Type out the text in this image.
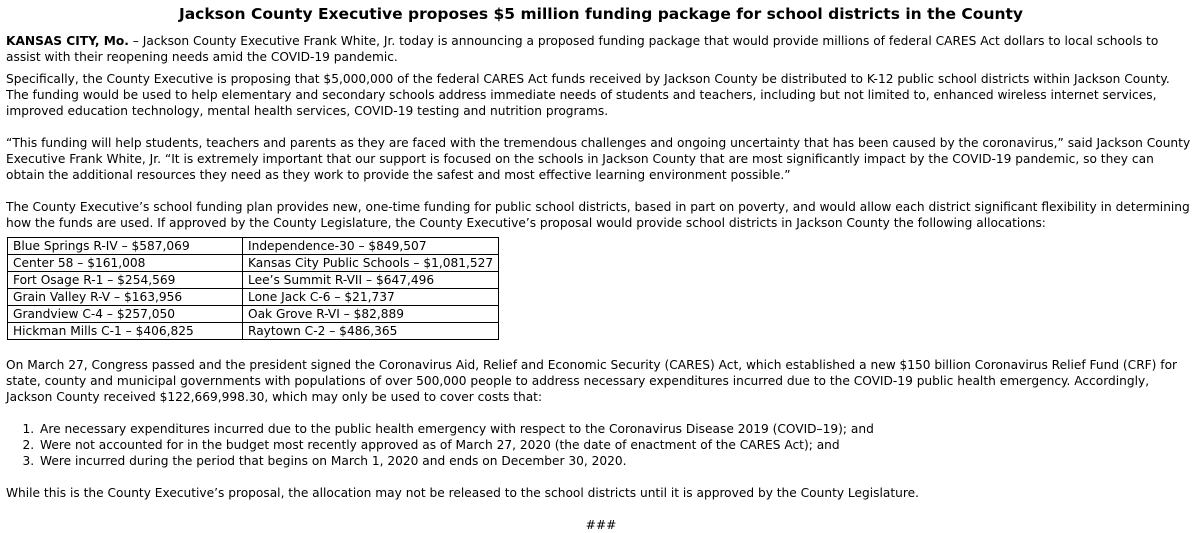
Jackson County Executive proposes $5 million funding package for school districts in the County

KANSAS CITY, Mo. – Jackson County Executive Frank White, Jr. today is announcing a proposed funding package that would provide millions of federal CARES Act dollars to local schools to assist with their reopening needs amid the COVID-19 pandemic.

Specifically, the County Executive is proposing that $5,000,000 of the federal CARES Act funds received by Jackson County be distributed to K-12 public school districts within Jackson County. The funding would be used to help elementary and secondary schools address immediate needs of students and teachers, including but not limited to, enhanced wireless internet services, improved education technology, mental health services, COVID-19 testing and nutrition programs.

“This funding will help students, teachers and parents as they are faced with the tremendous challenges and ongoing uncertainty that has been caused by the coronavirus,” said Jackson County Executive Frank White, Jr. “It is extremely important that our support is focused on the schools in Jackson County that are most significantly impact by the COVID-19 pandemic, so they can obtain the additional resources they need as they work to provide the safest and most effective learning environment possible.”

The County Executive’s school funding plan provides new, one-time funding for public school districts, based in part on poverty, and would allow each district significant flexibility in determining how the funds are used. If approved by the County Legislature, the County Executive’s proposal would provide school districts in Jackson County the following allocations:

Blue Springs R-IV – $587,069	Independence-30 – $849,507
Center 58 – $161,008	Kansas City Public Schools – $1,081,527
Fort Osage R-1 – $254,569	Lee’s Summit R-VII – $647,496
Grain Valley R-V – $163,956	Lone Jack C-6 – $21,737
Grandview C-4 – $257,050	Oak Grove R-VI – $82,889
Hickman Mills C-1 – $406,825	Raytown C-2 – $486,365

On March 27, Congress passed and the president signed the Coronavirus Aid, Relief and Economic Security (CARES) Act, which established a new $150 billion Coronavirus Relief Fund (CRF) for state, county and municipal governments with populations of over 500,000 people to address necessary expenditures incurred due to the COVID-19 public health emergency. Accordingly, Jackson County received $122,669,998.30, which may only be used to cover costs that:

1. Are necessary expenditures incurred due to the public health emergency with respect to the Coronavirus Disease 2019 (COVID–19); and
2. Were not accounted for in the budget most recently approved as of March 27, 2020 (the date of enactment of the CARES Act); and
3. Were incurred during the period that begins on March 1, 2020 and ends on December 30, 2020.

While this is the County Executive’s proposal, the allocation may not be released to the school districts until it is approved by the County Legislature.

###
